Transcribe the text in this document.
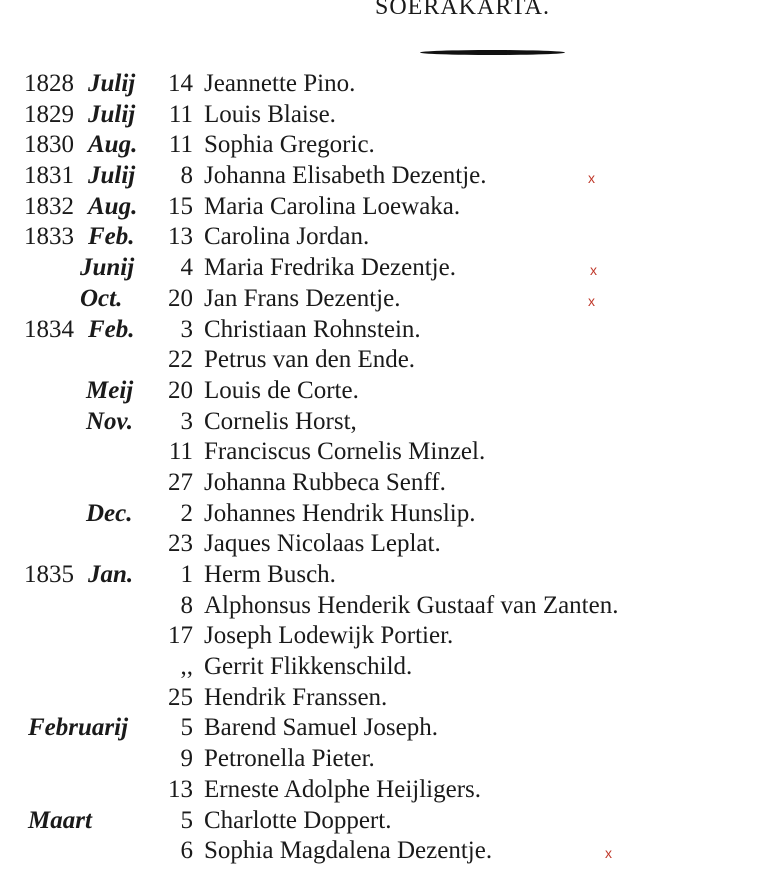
SOERAKARTA.
1828 Julij	14 Jeannette Pino.
1829 Julij	11 Louis Blaise.
1830 Aug.	11 Sophia Gregoric.
1831 Julij	8 Johanna Elisabeth Dezentje.	x
1832 Aug.	15 Maria Carolina Loewaka.
1833 Feb.	13 Carolina Jordan.
Junij	4 Maria Fredrika Dezentje.	x
Oct.	20 Jan Frans Dezentje.	x
1834 Feb.	3 Christiaan Rohnstein.
22 Petrus van den Ende.
Meij	20 Louis de Corte.
Nov.	3 Cornelis Horst,
11 Franciscus Cornelis Minzel.
27 Johanna Rubbeca Senff.
Dec.	2 Johannes Hendrik Hunslip.
23 Jaques Nicolaas Leplat.
1835 Jan.	1 Herm Busch.
8 Alphonsus Henderik Gustaaf van Zanten.
17 Joseph Lodewijk Portier.
,, Gerrit Flikkenschild.
25 Hendrik Franssen.
Februarij	5 Barend Samuel Joseph.
9 Petronella Pieter.
13 Erneste Adolphe Heijligers.
Maart	5 Charlotte Doppert.
6 Sophia Magdalena Dezentje.	x
